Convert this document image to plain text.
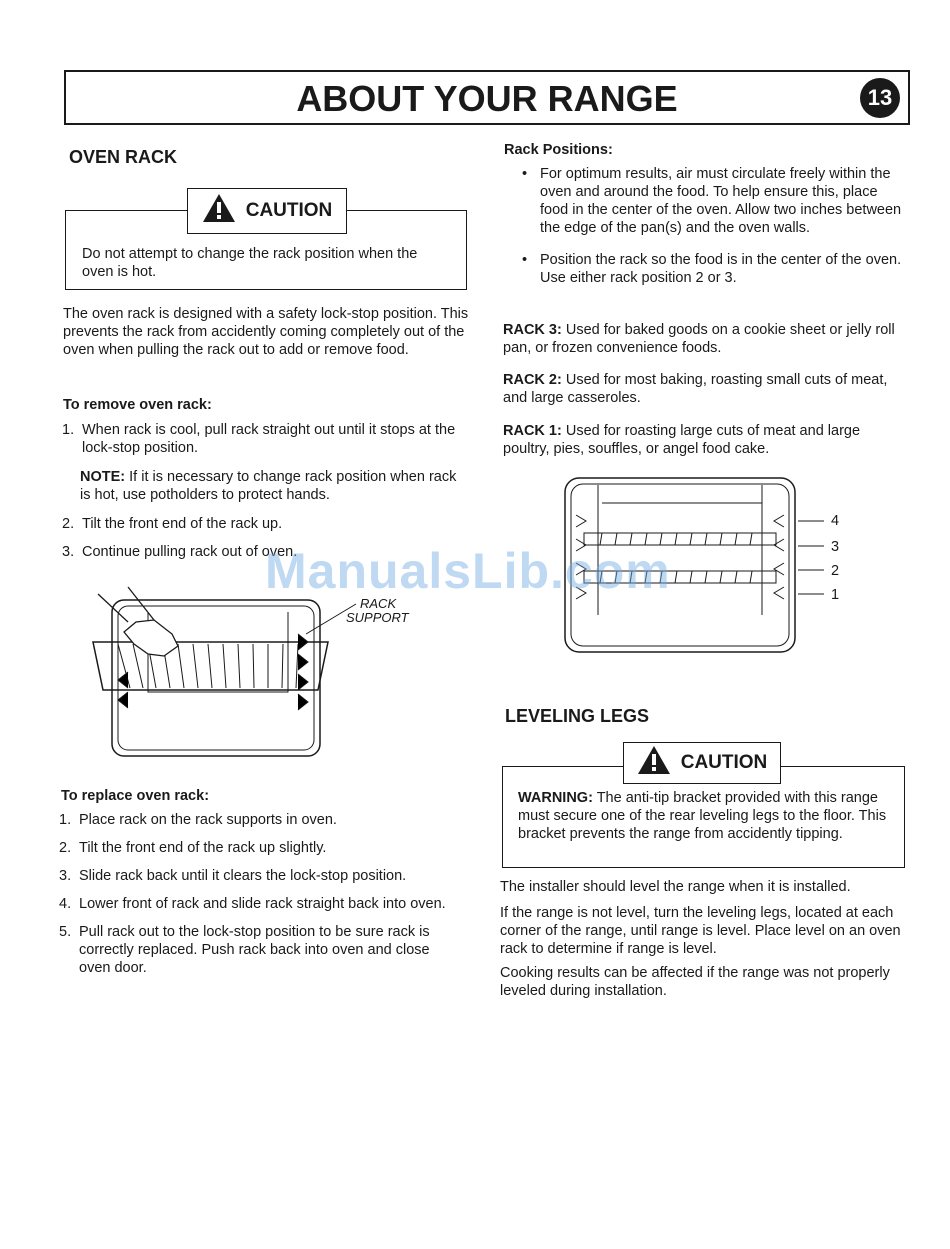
ABOUT YOUR RANGE	13
OVEN RACK
Do not attempt to change the rack position when the oven is hot.
CAUTION
The oven rack is designed with a safety lock-stop position. This prevents the rack from accidently coming completely out of the oven when pulling the rack out to add or remove food.
To remove oven rack:
1. When rack is cool, pull rack straight out until it stops at the lock-stop position.
NOTE: If it is necessary to change rack position when rack is hot, use potholders to protect hands.
2. Tilt the front end of the rack up.
3. Continue pulling rack out of oven.
RACK
SUPPORT
To replace oven rack:
1. Place rack on the rack supports in oven.
2. Tilt the front end of the rack up slightly.
3. Slide rack back until it clears the lock-stop position.
4. Lower front of rack and slide rack straight back into oven.
5. Pull rack out to the lock-stop position to be sure rack is correctly replaced. Push rack back into oven and close oven door.
Rack Positions:
• For optimum results, air must circulate freely within the oven and around the food. To help ensure this, place food in the center of the oven. Allow two inches between the edge of the pan(s) and the oven walls.
• Position the rack so the food is in the center of the oven. Use either rack position 2 or 3.
RACK 3: Used for baked goods on a cookie sheet or jelly roll pan, or frozen convenience foods.
RACK 2: Used for most baking, roasting small cuts of meat, and large casseroles.
RACK 1: Used for roasting large cuts of meat and large poultry, pies, souffles, or angel food cake.
4
3
2
1
LEVELING LEGS
WARNING: The anti-tip bracket provided with this range must secure one of the rear leveling legs to the floor. This bracket prevents the range from accidently tipping.
CAUTION
The installer should level the range when it is installed.
If the range is not level, turn the leveling legs, located at each corner of the range, until range is level. Place level on an oven rack to determine if range is level.
Cooking results can be affected if the range was not properly leveled during installation.
ManualsLib.com
